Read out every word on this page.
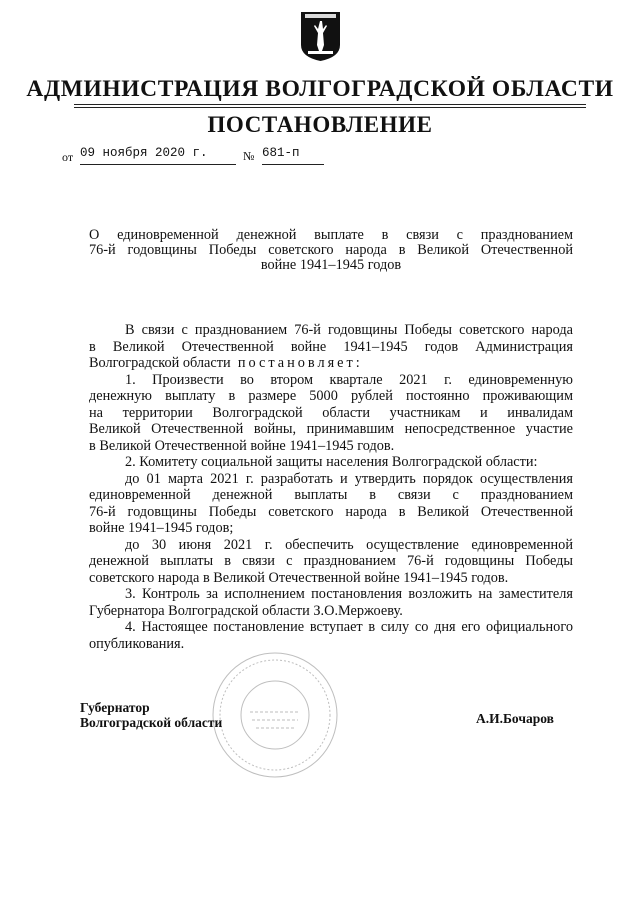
АДМИНИСТРАЦИЯ ВОЛГОГРАДСКОЙ ОБЛАСТИ
ПОСТАНОВЛЕНИЕ
от 09 ноября 2020 г.	№ 681-п
О единовременной денежной выплате в связи с празднованием
76-й годовщины Победы советского народа в Великой Отечественной
войне 1941–1945 годов

В связи с празднованием 76-й годовщины Победы советского народа
в Великой Отечественной войне 1941–1945 годов Администрация
Волгоградской области постановляет:

1. Произвести во втором квартале 2021 г. единовременную
денежную выплату в размере 5000 рублей постоянно проживающим
на территории Волгоградской области участникам и инвалидам
Великой Отечественной войны, принимавшим непосредственное участие
в Великой Отечественной войне 1941–1945 годов.

2. Комитету социальной защиты населения Волгоградской области:

до 01 марта 2021 г. разработать и утвердить порядок осуществления
единовременной денежной выплаты в связи с празднованием
76-й годовщины Победы советского народа в Великой Отечественной
войне 1941–1945 годов;

до 30 июня 2021 г. обеспечить осуществление единовременной
денежной выплаты в связи с празднованием 76-й годовщины Победы
советского народа в Великой Отечественной войне 1941–1945 годов.

3. Контроль за исполнением постановления возложить на заместителя
Губернатора Волгоградской области З.О.Мержоеву.

4. Настоящее постановление вступает в силу со дня его официального
опубликования.

Губернатор
Волгоградской области	А.И.Бочаров
